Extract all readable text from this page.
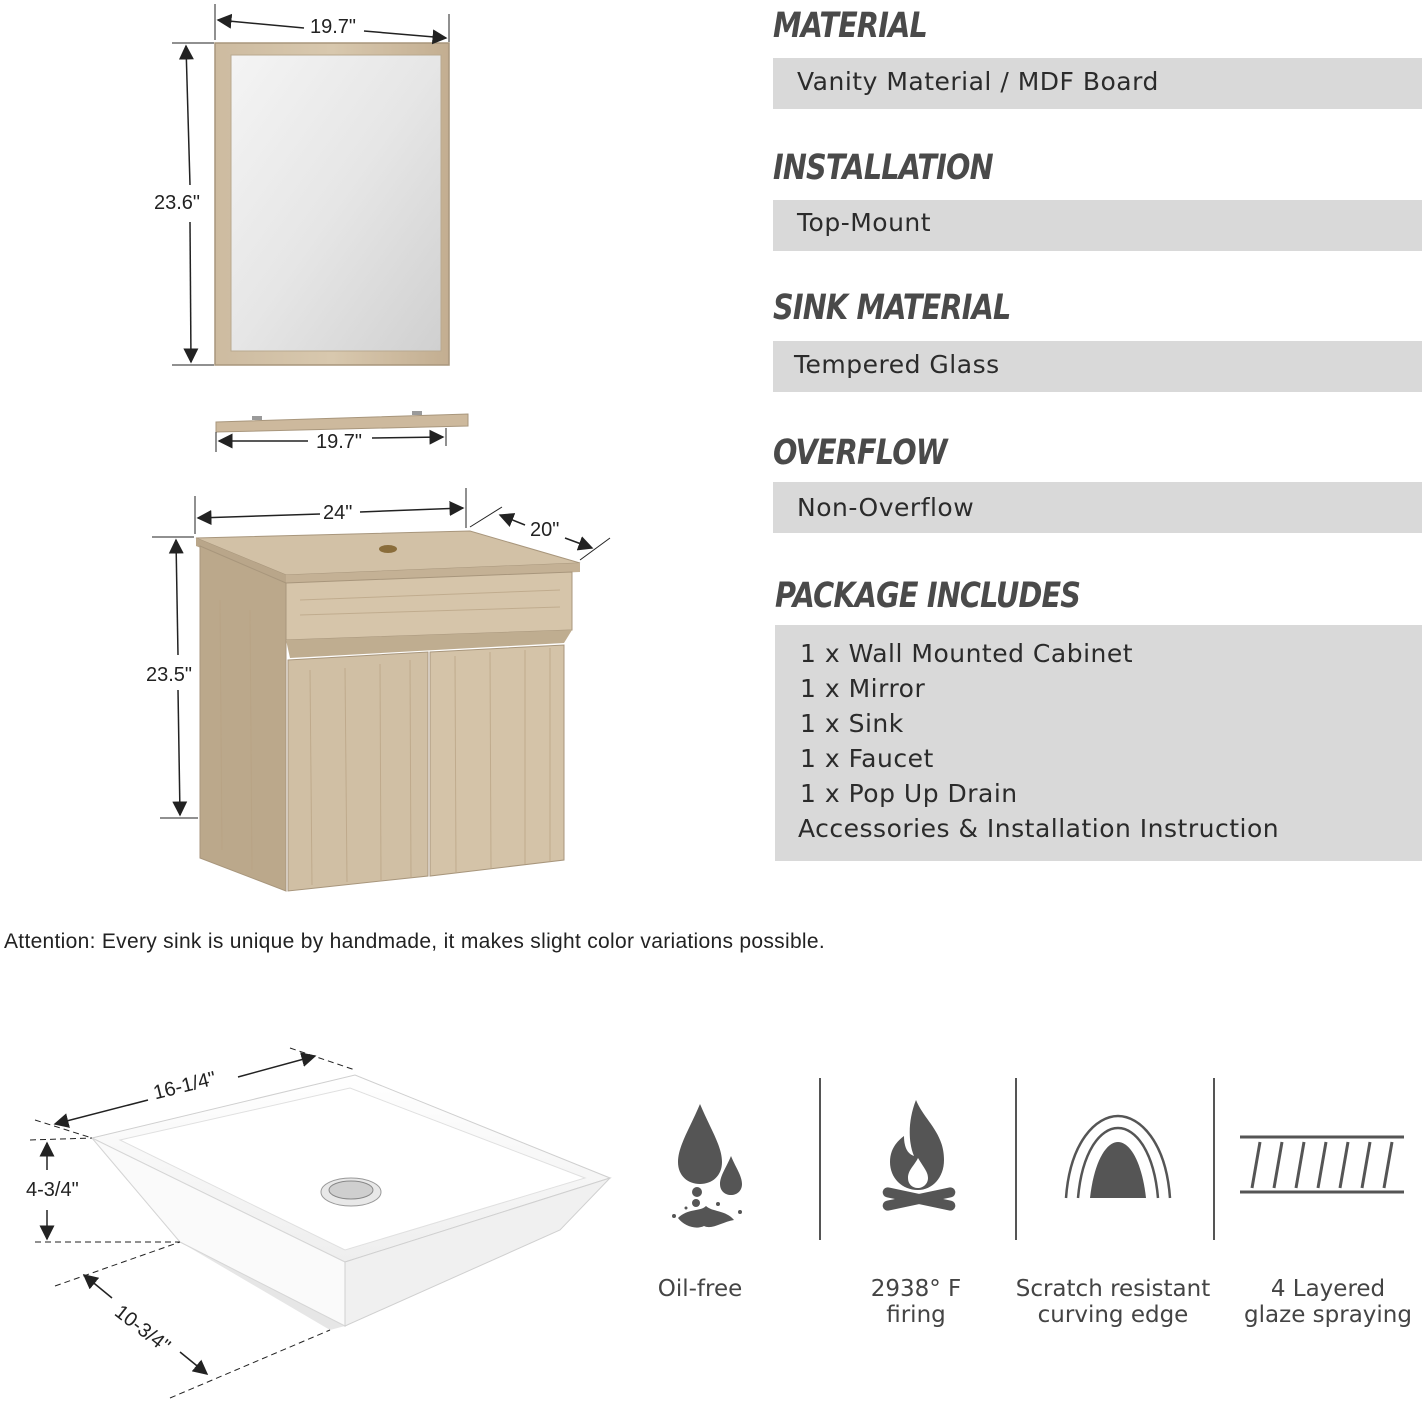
19.7"
23.6"
19.7"
24"
20"
23.5"
MATERIAL
Vanity Material / MDF Board
INSTALLATION
Top-Mount
SINK MATERIAL
Tempered Glass
OVERFLOW
Non-Overflow
PACKAGE INCLUDES
1 x Wall Mounted Cabinet
1 x Mirror
1 x Sink
1 x Faucet
1 x Pop Up Drain
Accessories & Installation Instruction
Attention: Every sink is unique by handmade, it makes slight color variations possible.
16-1/4"
4-3/4"
10-3/4"
Oil-free	2938° F
firing
Scratch resistant
curving edge
4 Layered
glaze spraying
